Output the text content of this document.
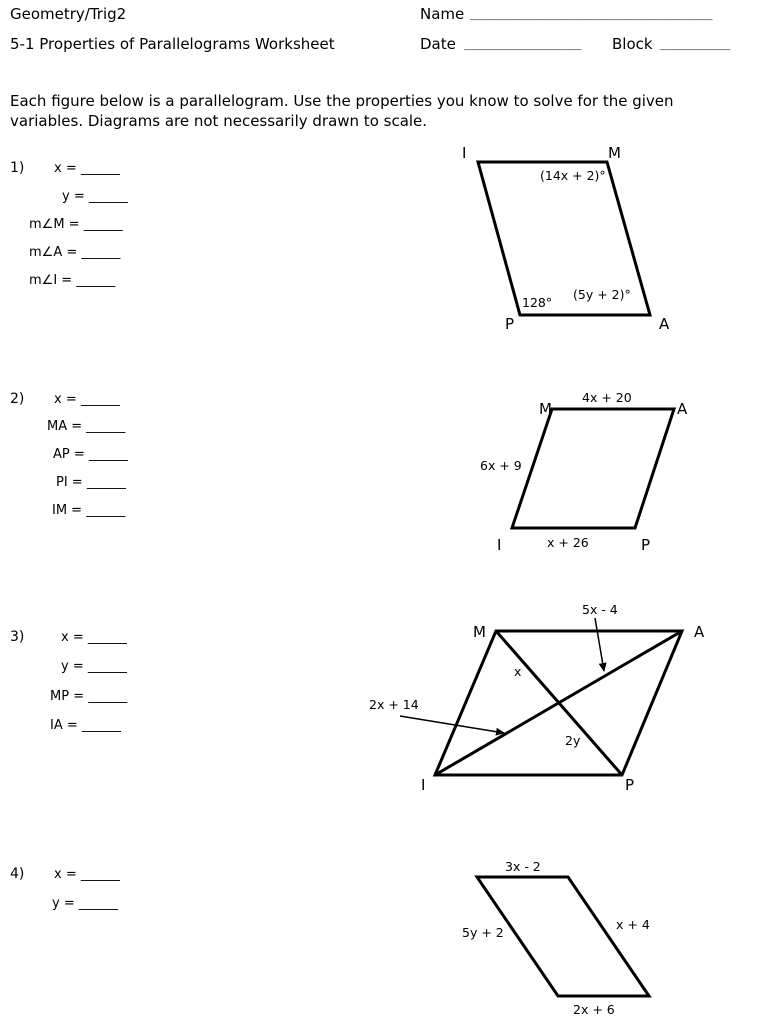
Geometry/Trig2
5-1 Properties of Parallelograms Worksheet
Name _______________________________
Date _______________ Block _________
Each figure below is a parallelogram. Use the properties you know to solve for the given
variables. Diagrams are not necessarily drawn to scale.
1) x = ______
y = ______
m∠M = ______
m∠A = ______
m∠I = ______
2) x = ______
MA = ______
AP = ______
PI = ______
IM = ______
3)	x = ______
y = ______
MP = ______
IA = ______
4) x = ______
y = ______
I	M
P	A
(14x + 2)°
128°
(5y + 2)°
M	A
I	P
4x + 20
6x + 9
x + 26
M	A
I	P
5x - 4
x
2x + 14
2y
3x - 2
5y + 2
x + 4
2x + 6
